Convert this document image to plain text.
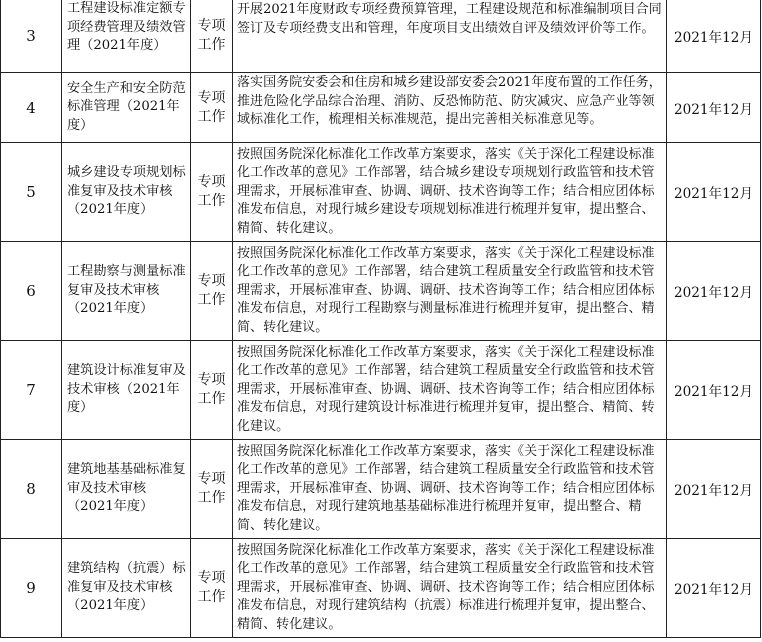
3	工程建设标准定额专项经费管理及绩效管理（2021年度）	专项工作	开展2021年度财政专项经费预算管理，工程建设规范和标准编制项目合同签订及专项经费支出和管理，年度项目支出绩效自评及绩效评价等工作。	2021年12月
4	安全生产和安全防范标准管理（2021年度）	专项工作	落实国务院安委会和住房和城乡建设部安委会2021年度布置的工作任务，推进危险化学品综合治理、消防、反恐怖防范、防灾减灾、应急产业等领域标准化工作，梳理相关标准规范，提出完善相关标准意见等。	2021年12月
5	城乡建设专项规划标准复审及技术审核（2021年度）	专项工作	按照国务院深化标准化工作改革方案要求，落实《关于深化工程建设标准化工作改革的意见》工作部署，结合城乡建设专项规划行政监管和技术管理需求，开展标准审查、协调、调研、技术咨询等工作；结合相应团体标准发布信息，对现行城乡建设专项规划标准进行梳理并复审，提出整合、精简、转化建议。	2021年12月
6	工程勘察与测量标准复审及技术审核（2021年度）	专项工作	按照国务院深化标准化工作改革方案要求，落实《关于深化工程建设标准化工作改革的意见》工作部署，结合建筑工程质量安全行政监管和技术管理需求，开展标准审查、协调、调研、技术咨询等工作；结合相应团体标准发布信息，对现行工程勘察与测量标准进行梳理并复审，提出整合、精简、转化建议。	2021年12月
7	建筑设计标准复审及技术审核（2021年度）	专项工作	按照国务院深化标准化工作改革方案要求，落实《关于深化工程建设标准化工作改革的意见》工作部署，结合建筑工程质量安全行政监管和技术管理需求，开展标准审查、协调、调研、技术咨询等工作；结合相应团体标准发布信息，对现行建筑设计标准进行梳理并复审，提出整合、精简、转化建议。	2021年12月
8	建筑地基基础标准复审及技术审核（2021年度）	专项工作	按照国务院深化标准化工作改革方案要求，落实《关于深化工程建设标准化工作改革的意见》工作部署，结合建筑工程质量安全行政监管和技术管理需求，开展标准审查、协调、调研、技术咨询等工作；结合相应团体标准发布信息，对现行建筑地基基础标准进行梳理并复审，提出整合、精简、转化建议。	2021年12月
9	建筑结构（抗震）标准复审及技术审核（2021年度）	专项工作	按照国务院深化标准化工作改革方案要求，落实《关于深化工程建设标准化工作改革的意见》工作部署，结合建筑工程质量安全行政监管和技术管理需求，开展标准审查、协调、调研、技术咨询等工作；结合相应团体标准发布信息，对现行建筑结构（抗震）标准进行梳理并复审，提出整合、精简、转化建议。	2021年12月
